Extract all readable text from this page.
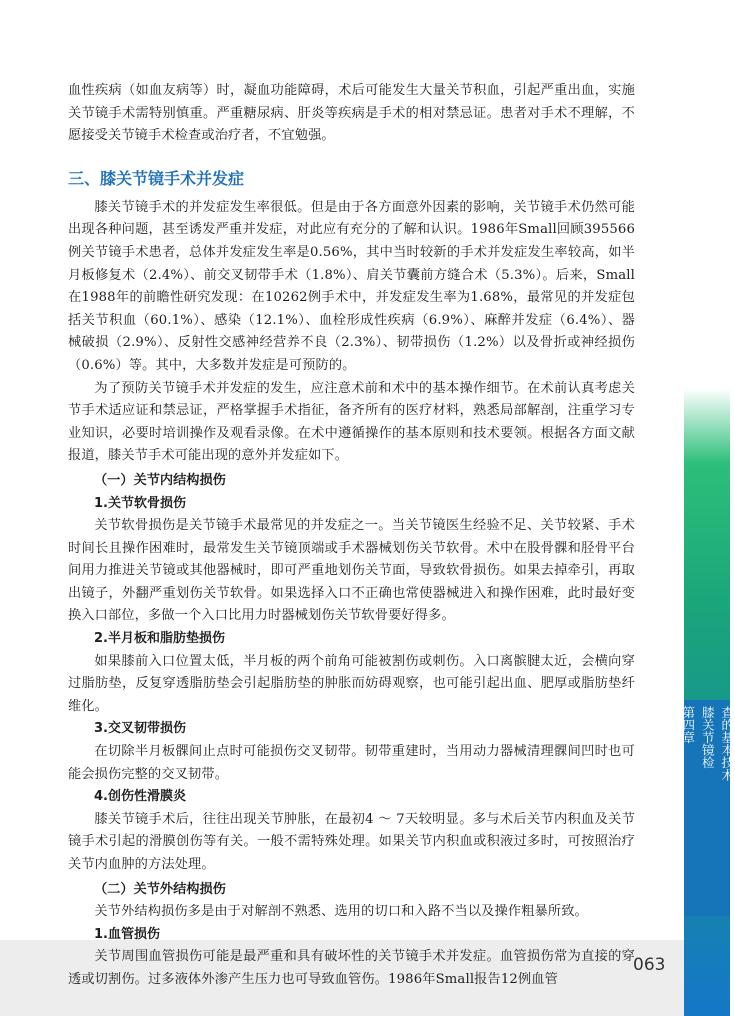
第四章 膝关节镜检 查的基本技术

血性疾病（如血友病等）时，凝血功能障碍，术后可能发生大量关节积血，引起严重出血，实施关节镜手术需特别慎重。严重糖尿病、肝炎等疾病是手术的相对禁忌证。患者对手术不理解，不愿接受关节镜手术检查或治疗者，不宜勉强。

三、膝关节镜手术并发症

膝关节镜手术的并发症发生率很低。但是由于各方面意外因素的影响，关节镜手术仍然可能出现各种问题，甚至诱发严重并发症，对此应有充分的了解和认识。1986年Small回顾395566例关节镜手术患者，总体并发症发生率是0.56%，其中当时较新的手术并发症发生率较高，如半月板修复术（2.4%）、前交叉韧带手术（1.8%）、肩关节囊前方缝合术（5.3%）。后来，Small在1988年的前瞻性研究发现：在10262例手术中，并发症发生率为1.68%，最常见的并发症包括关节积血（60.1%）、感染（12.1%）、血栓形成性疾病（6.9%）、麻醉并发症（6.4%）、器械破损（2.9%）、反射性交感神经营养不良（2.3%）、韧带损伤（1.2%）以及骨折或神经损伤（0.6%）等。其中，大多数并发症是可预防的。

为了预防关节镜手术并发症的发生，应注意术前和术中的基本操作细节。在术前认真考虑关节手术适应证和禁忌证，严格掌握手术指征，备齐所有的医疗材料，熟悉局部解剖，注重学习专业知识，必要时培训操作及观看录像。在术中遵循操作的基本原则和技术要领。根据各方面文献报道，膝关节手术可能出现的意外并发症如下。

（一）关节内结构损伤
1.关节软骨损伤

关节软骨损伤是关节镜手术最常见的并发症之一。当关节镜医生经验不足、关节较紧、手术时间长且操作困难时，最常发生关节镜顶端或手术器械划伤关节软骨。术中在股骨髁和胫骨平台间用力推进关节镜或其他器械时，即可严重地划伤关节面，导致软骨损伤。如果去掉牵引，再取出镜子，外翻严重划伤关节软骨。如果选择入口不正确也常使器械进入和操作困难，此时最好变换入口部位，多做一个入口比用力时器械划伤关节软骨要好得多。

2.半月板和脂肪垫损伤

如果膝前入口位置太低，半月板的两个前角可能被割伤或刺伤。入口离髌腱太近，会横向穿过脂肪垫，反复穿透脂肪垫会引起脂肪垫的肿胀而妨碍观察，也可能引起出血、肥厚或脂肪垫纤维化。

3.交叉韧带损伤

在切除半月板髁间止点时可能损伤交叉韧带。韧带重建时，当用动力器械清理髁间凹时也可能会损伤完整的交叉韧带。

4.创伤性滑膜炎

膝关节镜手术后，往往出现关节肿胀，在最初4 ～ 7天较明显。多与术后关节内积血及关节镜手术引起的滑膜创伤等有关。一般不需特殊处理。如果关节内积血或积液过多时，可按照治疗关节内血肿的方法处理。

（二）关节外结构损伤

关节外结构损伤多是由于对解剖不熟悉、选用的切口和入路不当以及操作粗暴所致。

1.血管损伤

关节周围血管损伤可能是最严重和具有破坏性的关节镜手术并发症。血管损伤常为直接的穿透或切割伤。过多液体外渗产生压力也可导致血管伤。1986年Small报告12例血管

063
